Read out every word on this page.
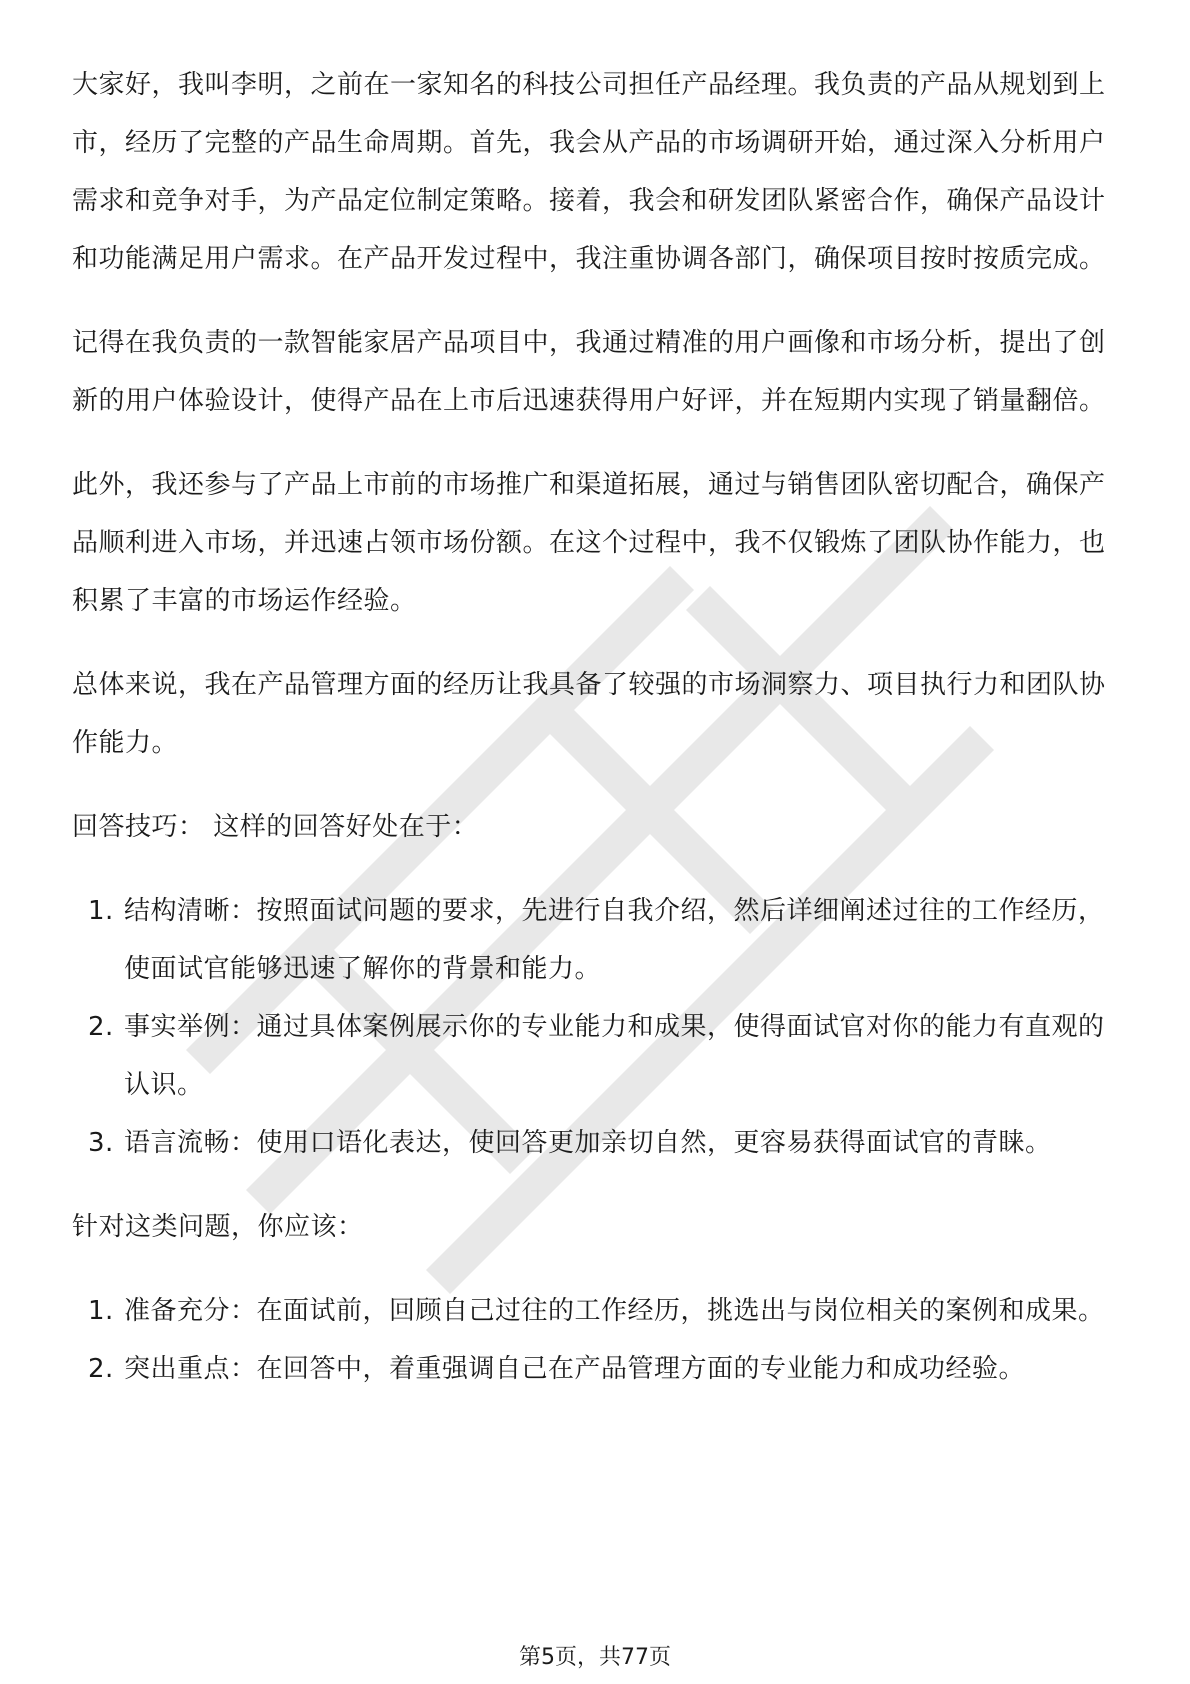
大家好，我叫李明，之前在一家知名的科技公司担任产品经理。我负责的产品从规划到上市，经历了完整的产品生命周期。首先，我会从产品的市场调研开始，通过深入分析用户需求和竞争对手，为产品定位制定策略。接着，我会和研发团队紧密合作，确保产品设计和功能满足用户需求。在产品开发过程中，我注重协调各部门，确保项目按时按质完成。

记得在我负责的一款智能家居产品项目中，我通过精准的用户画像和市场分析，提出了创新的用户体验设计，使得产品在上市后迅速获得用户好评，并在短期内实现了销量翻倍。

此外，我还参与了产品上市前的市场推广和渠道拓展，通过与销售团队密切配合，确保产品顺利进入市场，并迅速占领市场份额。在这个过程中，我不仅锻炼了团队协作能力，也积累了丰富的市场运作经验。

总体来说，我在产品管理方面的经历让我具备了较强的市场洞察力、项目执行力和团队协作能力。

回答技巧： 这样的回答好处在于：

1. 结构清晰：按照面试问题的要求，先进行自我介绍，然后详细阐述过往的工作经历，使面试官能够迅速了解你的背景和能力。
2. 事实举例：通过具体案例展示你的专业能力和成果，使得面试官对你的能力有直观的认识。
3. 语言流畅：使用口语化表达，使回答更加亲切自然，更容易获得面试官的青睐。

针对这类问题，你应该：

1. 准备充分：在面试前，回顾自己过往的工作经历，挑选出与岗位相关的案例和成果。
2. 突出重点：在回答中，着重强调自己在产品管理方面的专业能力和成功经验。
第5页，共77页
